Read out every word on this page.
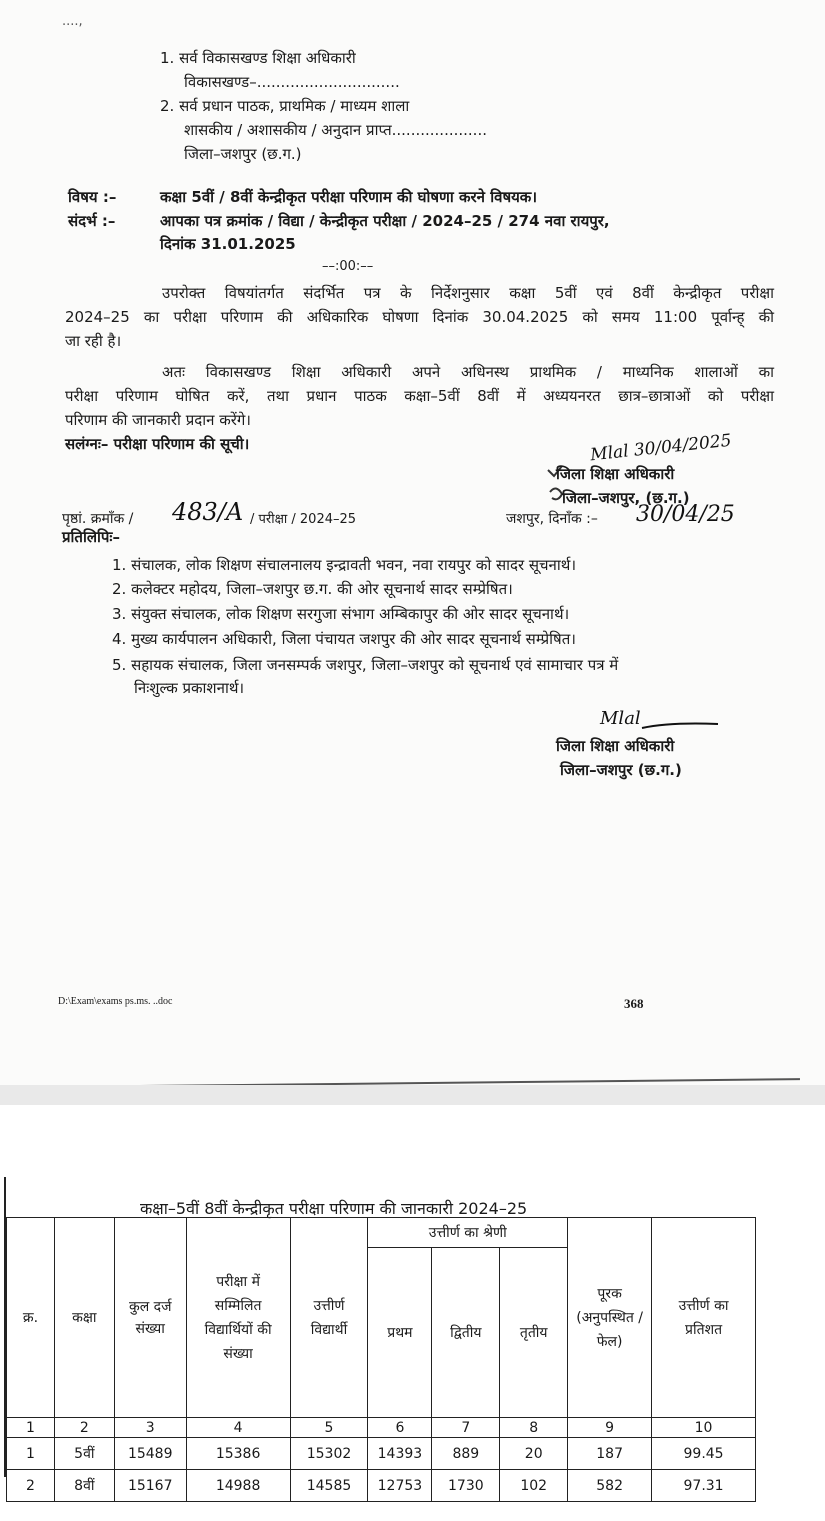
....,
1. सर्व विकासखण्ड शिक्षा अधिकारी
विकासखण्ड–..............................
2. सर्व प्रधान पाठक, प्राथमिक / माध्यम शाला
शासकीय / अशासकीय / अनुदान प्राप्त....................
जिला–जशपुर (छ.ग.)
विषय :–	कक्षा 5वीं / 8वीं केन्द्रीकृत परीक्षा परिणाम की घोषणा करने विषयक।
संदर्भ :–	आपका पत्र क्रमांक / विद्या / केन्द्रीकृत परीक्षा / 2024–25 / 274 नवा रायपुर,
दिनांक 31.01.2025
––:00:––
उपरोक्त विषयांतर्गत संदर्भित पत्र के निर्देशनुसार कक्षा 5वीं एवं 8वीं केन्द्रीकृत परीक्षा
2024–25 का परीक्षा परिणाम की अधिकारिक घोषणा दिनांक 30.04.2025 को समय 11:00 पूर्वान्ह् की
जा रही है।
अतः विकासखण्ड शिक्षा अधिकारी अपने अधिनस्थ प्राथमिक / माध्यनिक शालाओं का
परीक्षा परिणाम घोषित करें, तथा प्रधान पाठक कक्षा–5वीं 8वीं में अध्ययनरत छात्र–छात्राओं को परीक्षा
परिणाम की जानकारी प्रदान करेंगे।
सलंग्नः– परीक्षा परिणाम की सूची।	Mlal 30/04/2025
जिला शिक्षा अधिकारी
जिला–जशपुर, (छ.ग.)
पृष्ठां. क्रमाँक / 483/A / परीक्षा / 2024–25	जशपुर, दिनाँक :– 30/04/25
प्रतिलिपिः–
1. संचालक, लोक शिक्षण संचालनालय इन्द्रावती भवन, नवा रायपुर को सादर सूचनार्थ।
2. कलेक्टर महोदय, जिला–जशपुर छ.ग. की ओर सूचनार्थ सादर सम्प्रेषित।
3. संयुक्त संचालक, लोक शिक्षण सरगुजा संभाग अम्बिकापुर की ओर सादर सूचनार्थ।
4. मुख्य कार्यपालन अधिकारी, जिला पंचायत जशपुर की ओर सादर सूचनार्थ सम्प्रेषित।
5. सहायक संचालक, जिला जनसम्पर्क जशपुर, जिला–जशपुर को सूचनार्थ एवं सामाचार पत्र में
निःशुल्क प्रकाशनार्थ।
Mlal
जिला शिक्षा अधिकारी
जिला–जशपुर (छ.ग.)
D:\Exam\exams ps.ms. ..doc	368
कक्षा–5वीं 8वीं केन्द्रीकृत परीक्षा परिणाम की जानकारी 2024–25
क्र.	कक्षा	कुल दर्ज संख्या	परीक्षा में सम्मिलित विद्यार्थियों की संख्या	उत्तीर्ण विद्यार्थी	उत्तीर्ण का श्रेणी			पूरक (अनुपस्थित / फेल)	उत्तीर्ण का प्रतिशत
					प्रथम	द्वितीय	तृतीय		
1	2	3	4	5	6	7	8	9	10
1	5वीं	15489	15386	15302	14393	889	20	187	99.45
2	8वीं	15167	14988	14585	12753	1730	102	582	97.31
